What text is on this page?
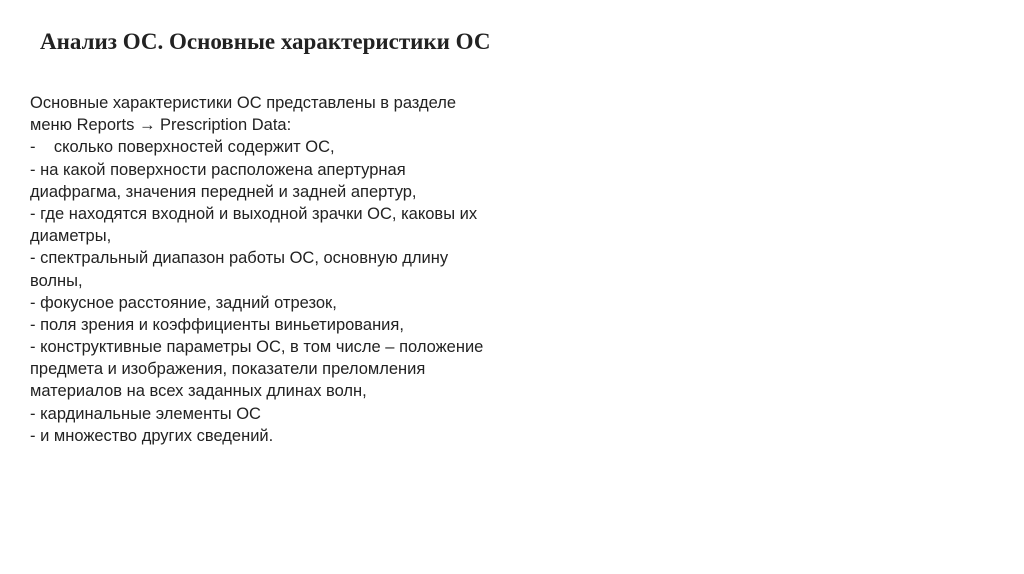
Анализ ОС. Основные характеристики ОС
Основные характеристики ОС представлены в разделе
меню Reports → Prescription Data:
-    сколько поверхностей содержит ОС,
- на какой поверхности расположена апертурная
диафрагма, значения передней и задней апертур,
- где находятся входной и выходной зрачки ОС, каковы их
диаметры,
- спектральный диапазон работы ОС, основную длину
волны,
- фокусное расстояние, задний отрезок,
- поля зрения и коэффициенты виньетирования,
- конструктивные параметры ОС, в том числе – положение
предмета и изображения, показатели преломления
материалов на всех заданных длинах волн,
- кардинальные элементы ОС
- и множество других сведений.
